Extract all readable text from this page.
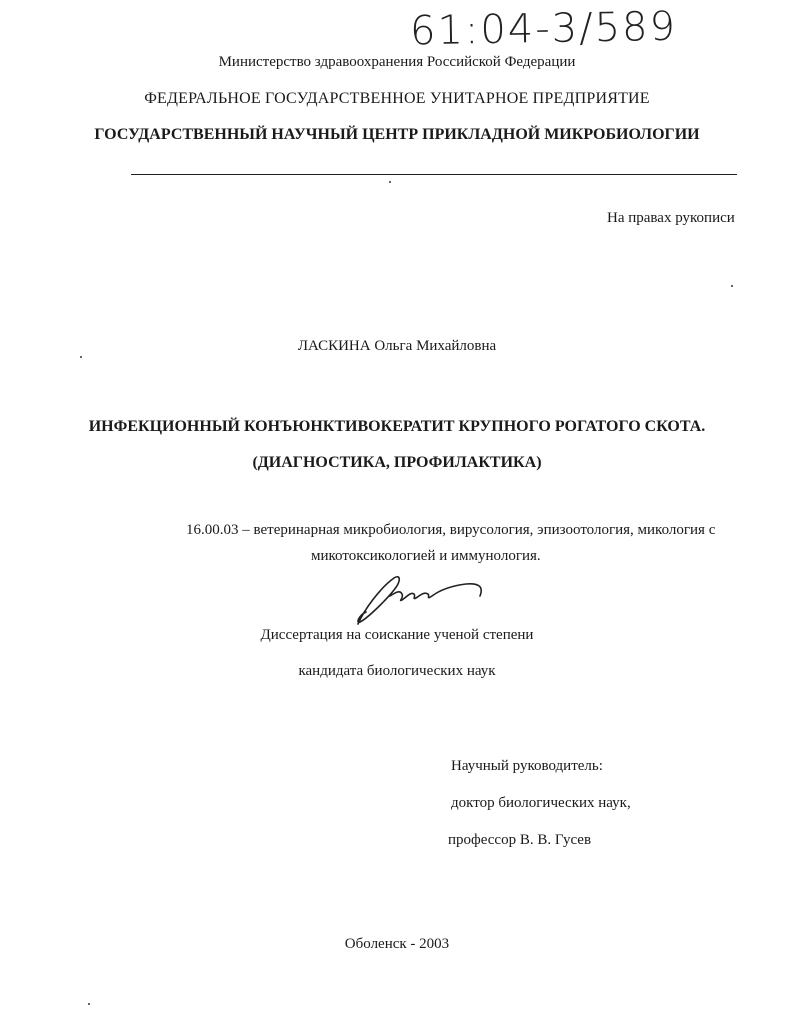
61:04-3/589
Министерство здравоохранения Российской Федерации
ФЕДЕРАЛЬНОЕ ГОСУДАРСТВЕННОЕ УНИТАРНОЕ ПРЕДПРИЯТИЕ
ГОСУДАРСТВЕННЫЙ НАУЧНЫЙ ЦЕНТР ПРИКЛАДНОЙ МИКРОБИОЛОГИИ
На правах рукописи
ЛАСКИНА Ольга Михайловна
ИНФЕКЦИОННЫЙ КОНЪЮНКТИВОКЕРАТИТ КРУПНОГО РОГАТОГО СКОТА.
(ДИАГНОСТИКА, ПРОФИЛАКТИКА)
16.00.03 – ветеринарная микробиология, вирусология, эпизоотология, микология с
микотоксикологией и иммунология.
Диссертация на соискание ученой степени
кандидата биологических наук
Научный руководитель:
доктор биологических наук,
профессор В. В. Гусев
Оболенск - 2003
